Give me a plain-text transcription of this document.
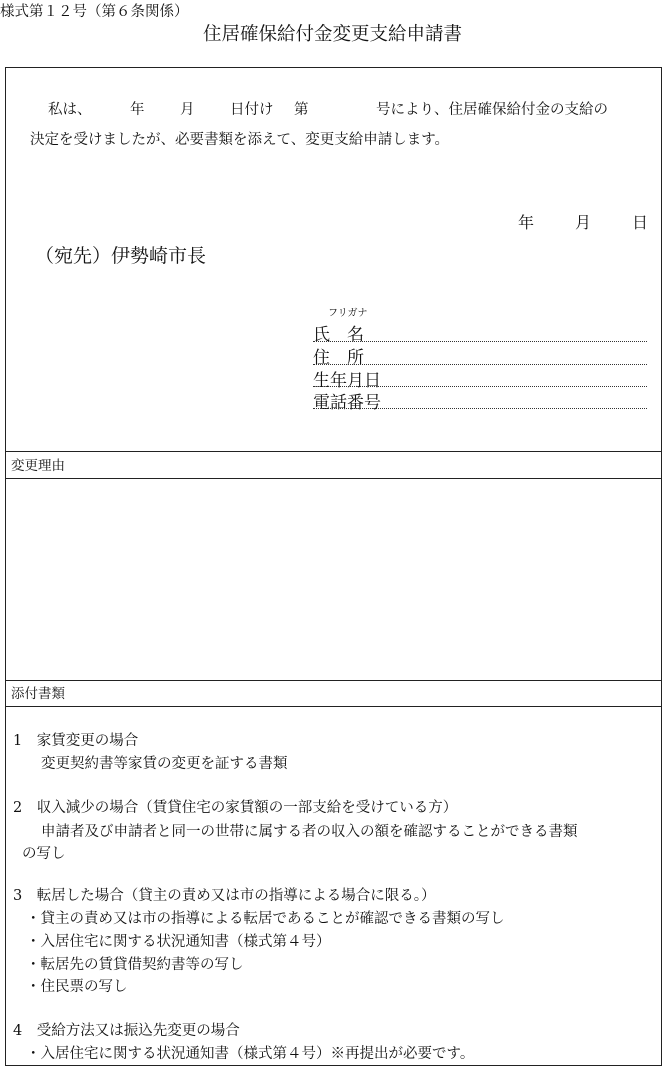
様式第１２号（第６条関係）
住居確保給付金変更支給申請書
私は、	年 月 日付け 第	号により、住居確保給付金の支給の
決定を受けましたが、必要書類を添えて、変更支給申請します。
年	月	日
（宛先）伊勢崎市長
フリガナ
氏　名
住　所
生年月日
電話番号
変更理由
添付書類
1　家賃変更の場合
変更契約書等家賃の変更を証する書類
2　収入減少の場合（賃貸住宅の家賃額の一部支給を受けている方）
申請者及び申請者と同一の世帯に属する者の収入の額を確認することができる書類
の写し
3　転居した場合（貸主の責め又は市の指導による場合に限る。）
・貸主の責め又は市の指導による転居であることが確認できる書類の写し
・入居住宅に関する状況通知書（様式第４号）
・転居先の賃貸借契約書等の写し
・住民票の写し
4　受給方法又は振込先変更の場合
・入居住宅に関する状況通知書（様式第４号）※再提出が必要です。
